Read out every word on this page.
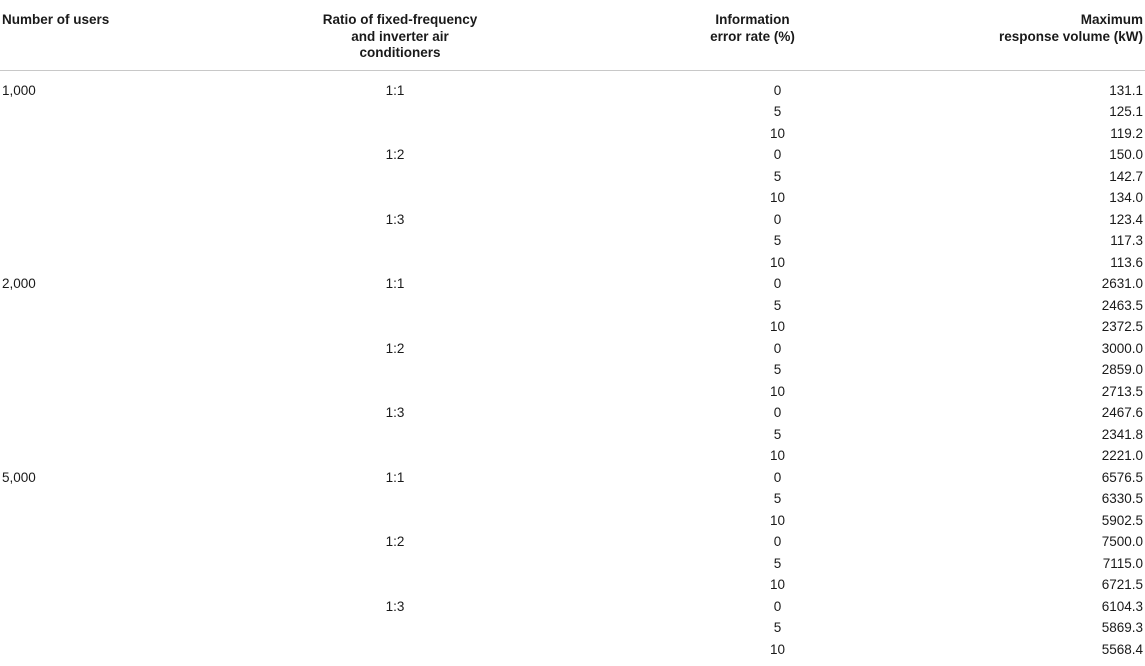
Number of users	Ratio of fixed-frequency
and inverter air
conditioners	Information
error rate (%)	Maximum
response volume (kW)
1,000	1:1	0	131.1
		5	125.1
		10	119.2
	1:2	0	150.0
		5	142.7
		10	134.0
	1:3	0	123.4
		5	117.3
		10	113.6
2,000	1:1	0	2631.0
		5	2463.5
		10	2372.5
	1:2	0	3000.0
		5	2859.0
		10	2713.5
	1:3	0	2467.6
		5	2341.8
		10	2221.0
5,000	1:1	0	6576.5
		5	6330.5
		10	5902.5
	1:2	0	7500.0
		5	7115.0
		10	6721.5
	1:3	0	6104.3
		5	5869.3
		10	5568.4
